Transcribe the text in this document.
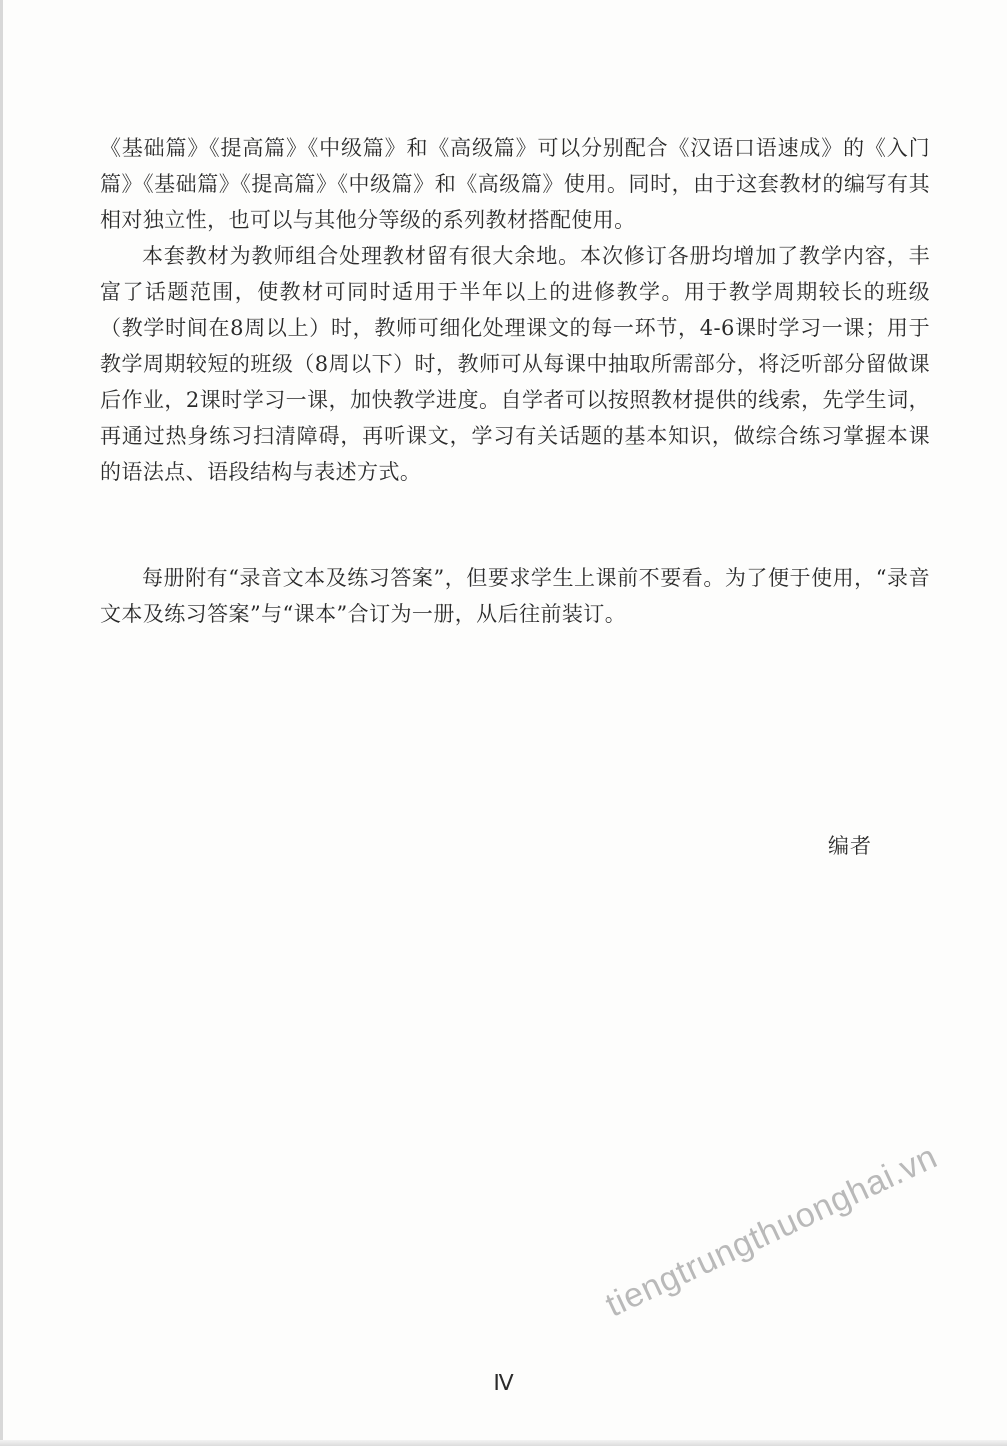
《基础篇》《提高篇》《中级篇》和《高级篇》可以分别配合《汉语口语速成》的《入门篇》《基础篇》《提高篇》《中级篇》和《高级篇》使用。同时，由于这套教材的编写有其相对独立性，也可以与其他分等级的系列教材搭配使用。

本套教材为教师组合处理教材留有很大余地。本次修订各册均增加了教学内容，丰富了话题范围，使教材可同时适用于半年以上的进修教学。用于教学周期较长的班级（教学时间在8周以上）时，教师可细化处理课文的每一环节，4-6课时学习一课；用于教学周期较短的班级（8周以下）时，教师可从每课中抽取所需部分，将泛听部分留做课后作业，2课时学习一课，加快教学进度。自学者可以按照教材提供的线索，先学生词，再通过热身练习扫清障碍，再听课文，学习有关话题的基本知识，做综合练习掌握本课的语法点、语段结构与表述方式。

每册附有“录音文本及练习答案”，但要求学生上课前不要看。为了便于使用，“录音文本及练习答案”与“课本”合订为一册，从后往前装订。

编者
Ⅳ
tiengtrungthuonghai.vn
